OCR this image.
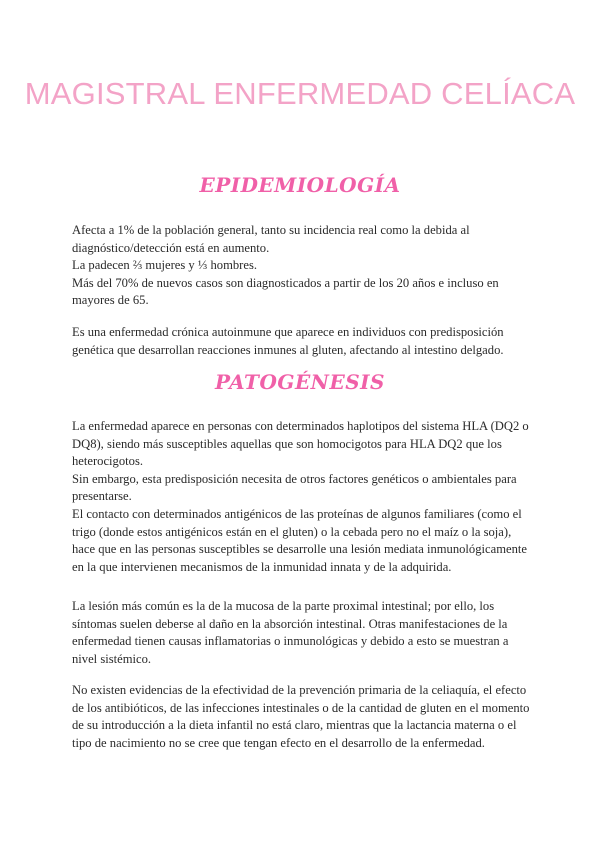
MAGISTRAL ENFERMEDAD CELÍACA
EPIDEMIOLOGÍA

Afecta a 1% de la población general, tanto su incidencia real como la debida al diagnóstico/detección está en aumento.

La padecen ⅔ mujeres y ⅓ hombres.

Más del 70% de nuevos casos son diagnosticados a partir de los 20 años e incluso en mayores de 65.

Es una enfermedad crónica autoinmune que aparece en individuos con predisposición genética que desarrollan reacciones inmunes al gluten, afectando al intestino delgado.

PATOGÉNESIS

La enfermedad aparece en personas con determinados haplotipos del sistema HLA (DQ2 o DQ8), siendo más susceptibles aquellas que son homocigotos para HLA DQ2 que los heterocigotos.

Sin embargo, esta predisposición necesita de otros factores genéticos o ambientales para presentarse.

El contacto con determinados antigénicos de las proteínas de algunos familiares (como el trigo (donde estos antigénicos están en el gluten) o la cebada pero no el maíz o la soja), hace que en las personas susceptibles se desarrolle una lesión mediata inmunológicamente en la que intervienen mecanismos de la inmunidad innata y de la adquirida.

La lesión más común es la de la mucosa de la parte proximal intestinal; por ello, los síntomas suelen deberse al daño en la absorción intestinal. Otras manifestaciones de la enfermedad tienen causas inflamatorias o inmunológicas y debido a esto se muestran a nivel sistémico.

No existen evidencias de la efectividad de la prevención primaria de la celiaquía, el efecto de los antibióticos, de las infecciones intestinales o de la cantidad de gluten en el momento de su introducción a la dieta infantil no está claro, mientras que la lactancia materna o el tipo de nacimiento no se cree que tengan efecto en el desarrollo de la enfermedad.
